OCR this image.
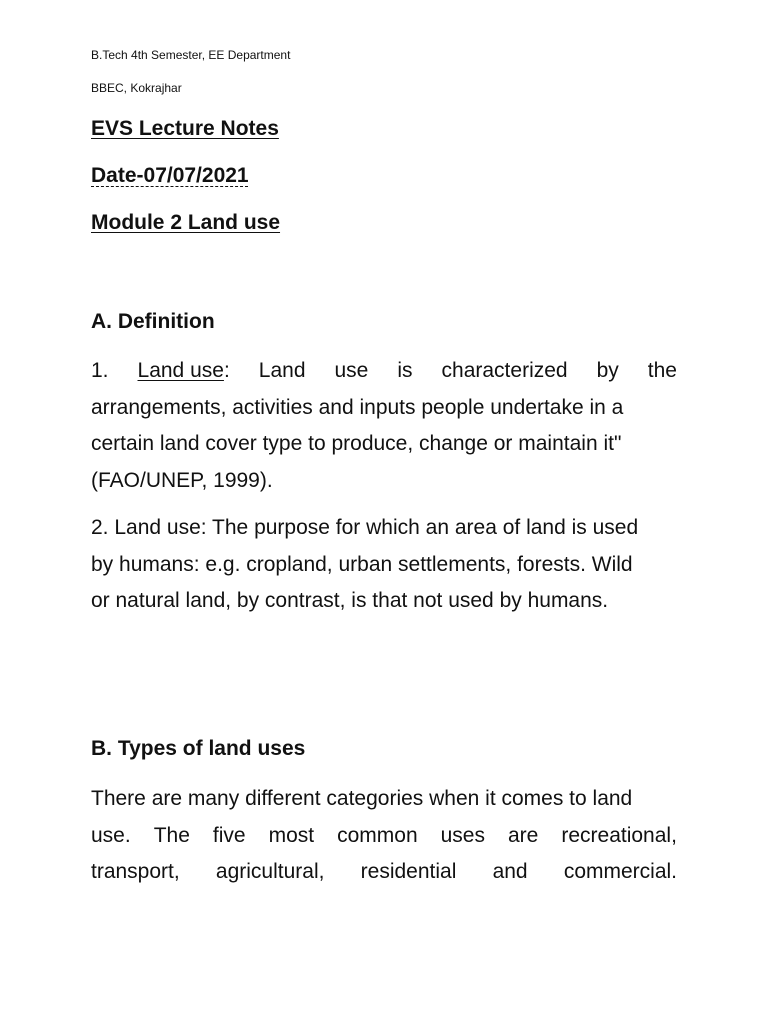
B.Tech 4th Semester, EE Department
BBEC, Kokrajhar
EVS Lecture Notes
Date-07/07/2021
Module 2 Land use
A. Definition
1. Land use: Land use is characterized by the
arrangements, activities and inputs people undertake in a
certain land cover type to produce, change or maintain it"
(FAO/UNEP, 1999).
2. Land use: The purpose for which an area of land is used
by humans: e.g. cropland, urban settlements, forests. Wild
or natural land, by contrast, is that not used by humans.
B. Types of land uses
There are many different categories when it comes to land
use. The five most common uses are recreational,
transport, agricultural, residential and commercial.
